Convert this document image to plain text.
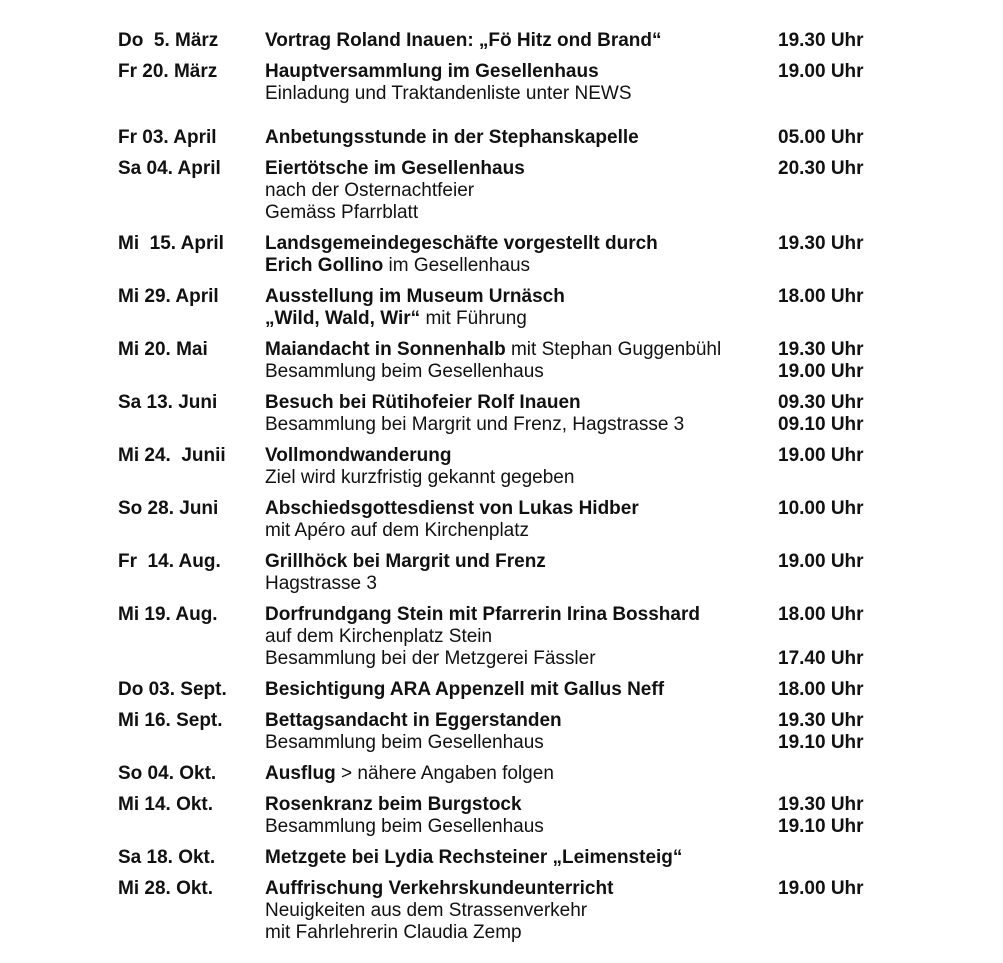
Do  5. März	Vortrag Roland Inauen: „Fö Hitz ond Brand“	19.30 Uhr
Fr 20. März	Hauptversammlung im Gesellenhaus	19.00 Uhr
Einladung und Traktandenliste unter NEWS
Fr 03. April	Anbetungsstunde in der Stephanskapelle	05.00 Uhr
Sa 04. April	Eiertötsche im Gesellenhaus	20.30 Uhr
nach der Osternachtfeier
Gemäss Pfarrblatt
Mi  15. April	Landsgemeindegeschäfte vorgestellt durch	19.30 Uhr
Erich Gollino im Gesellenhaus
Mi 29. April	Ausstellung im Museum Urnäsch	18.00 Uhr
„Wild, Wald, Wir“ mit Führung
Mi 20. Mai	Maiandacht in Sonnenhalb mit Stephan Guggenbühl	19.30 Uhr
Besammlung beim Gesellenhaus	19.00 Uhr
Sa 13. Juni	Besuch bei Rütihofeier Rolf Inauen	09.30 Uhr
Besammlung bei Margrit und Frenz, Hagstrasse 3	09.10 Uhr
Mi 24.  Junii	Vollmondwanderung	19.00 Uhr
Ziel wird kurzfristig gekannt gegeben
So 28. Juni	Abschiedsgottesdienst von Lukas Hidber	10.00 Uhr
mit Apéro auf dem Kirchenplatz
Fr  14. Aug.	Grillhöck bei Margrit und Frenz	19.00 Uhr
Hagstrasse 3
Mi 19. Aug.	Dorfrundgang Stein mit Pfarrerin Irina Bosshard	18.00 Uhr
auf dem Kirchenplatz Stein
Besammlung bei der Metzgerei Fässler	17.40 Uhr
Do 03. Sept.	Besichtigung ARA Appenzell mit Gallus Neff	18.00 Uhr
Mi 16. Sept.	Bettagsandacht in Eggerstanden	19.30 Uhr
Besammlung beim Gesellenhaus	19.10 Uhr
So 04. Okt.	Ausflug > nähere Angaben folgen
Mi 14. Okt.	Rosenkranz beim Burgstock	19.30 Uhr
Besammlung beim Gesellenhaus	19.10 Uhr
Sa 18. Okt.	Metzgete bei Lydia Rechsteiner „Leimensteig“
Mi 28. Okt.	Auffrischung Verkehrskundeunterricht	19.00 Uhr
Neuigkeiten aus dem Strassenverkehr
mit Fahrlehrerin Claudia Zemp
